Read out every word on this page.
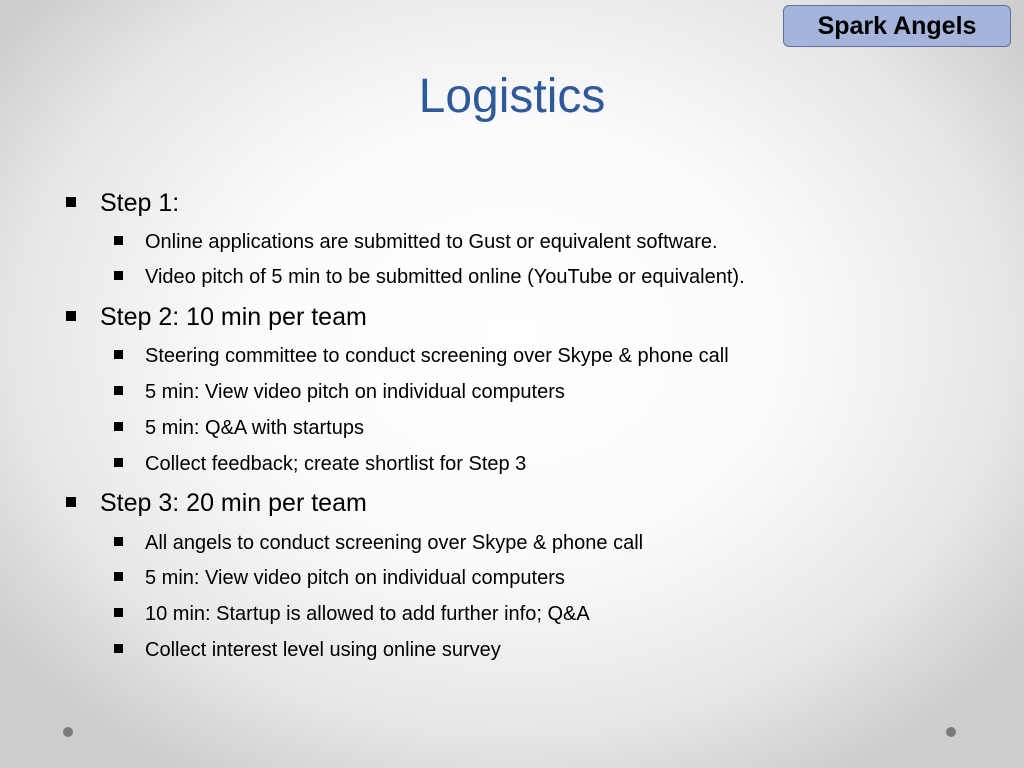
Spark Angels
Logistics
Step 1:
Online applications are submitted to Gust or equivalent software.
Video pitch of 5 min to be submitted online (YouTube or equivalent).
Step 2: 10 min per team
Steering committee to conduct screening over Skype & phone call
5 min: View video pitch on individual computers
5 min: Q&A with startups
Collect feedback; create shortlist for Step 3
Step 3: 20 min per team
All angels to conduct screening over Skype & phone call
5 min: View video pitch on individual computers
10 min: Startup is allowed to add further info; Q&A
Collect interest level using online survey
